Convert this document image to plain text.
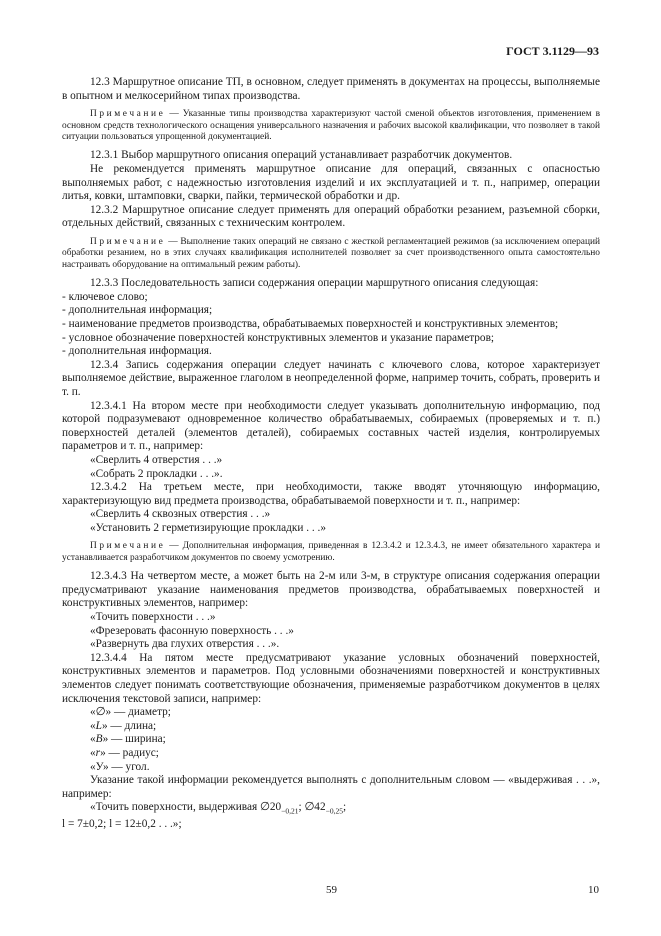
ГОСТ 3.1129—93

12.3 Маршрутное описание ТП, в основном, следует применять в документах на процессы, выполняемые в опытном и мелкосерийном типах производства.

Примечание — Указанные типы производства характеризуют частой сменой объектов изготовления, применением в основном средств технологического оснащения универсального назначения и рабочих высокой квалификации, что позволяет в такой ситуации пользоваться упрощенной документацией.

12.3.1 Выбор маршрутного описания операций устанавливает разработчик документов.

Не рекомендуется применять маршрутное описание для операций, связанных с опасностью выполняемых работ, с надежностью изготовления изделий и их эксплуатацией и т. п., например, операции литья, ковки, штамповки, сварки, пайки, термической обработки и др.

12.3.2 Маршрутное описание следует применять для операций обработки резанием, разъемной сборки, отдельных действий, связанных с техническим контролем.

Примечание — Выполнение таких операций не связано с жесткой регламентацией режимов (за исключением операций обработки резанием, но в этих случаях квалификация исполнителей позволяет за счет производственного опыта самостоятельно настраивать оборудование на оптимальный режим работы).

12.3.3 Последовательность записи содержания операции маршрутного описания следующая:

- ключевое слово;

- дополнительная информация;

- наименование предметов производства, обрабатываемых поверхностей и конструктивных элементов;

- условное обозначение поверхностей конструктивных элементов и указание параметров;

- дополнительная информация.

12.3.4 Запись содержания операции следует начинать с ключевого слова, которое характеризует выполняемое действие, выраженное глаголом в неопределенной форме, например точить, собрать, проверить и т. п.

12.3.4.1 На втором месте при необходимости следует указывать дополнительную информацию, под которой подразумевают одновременное количество обрабатываемых, собираемых (проверяемых и т. п.) поверхностей деталей (элементов деталей), собираемых составных частей изделия, контролируемых параметров и т. п., например:

«Сверлить 4 отверстия . . .»

«Собрать 2 прокладки . . .».

12.3.4.2 На третьем месте, при необходимости, также вводят уточняющую информацию, характеризующую вид предмета производства, обрабатываемой поверхности и т. п., например:

«Сверлить 4 сквозных отверстия . . .»

«Установить 2 герметизирующие прокладки . . .»

Примечание — Дополнительная информация, приведенная в 12.3.4.2 и 12.3.4.3, не имеет обязательного характера и устанавливается разработчиком документов по своему усмотрению.

12.3.4.3 На четвертом месте, а может быть на 2-м или 3-м, в структуре описания содержания операции предусматривают указание наименования предметов производства, обрабатываемых поверхностей и конструктивных элементов, например:

«Точить поверхности . . .»

«Фрезеровать фасонную поверхность . . .»

«Развернуть два глухих отверстия . . .».

12.3.4.4 На пятом месте предусматривают указание условных обозначений поверхностей, конструктивных элементов и параметров. Под условными обозначениями поверхностей и конструктивных элементов следует понимать соответствующие обозначения, применяемые разработчиком документов в целях исключения текстовой записи, например:

«∅» — диаметр;

«L» — длина;

«B» — ширина;

«r» — радиус;

«У» — угол.

Указание такой информации рекомендуется выполнять с дополнительным словом — «выдерживая . . .», например:

«Точить поверхности, выдерживая $\emptyset 20_{-0,21}$; $\emptyset 42_{-0,25}$;

l = 7±0,2; l = 12±0,2 . . .»;

59	10
